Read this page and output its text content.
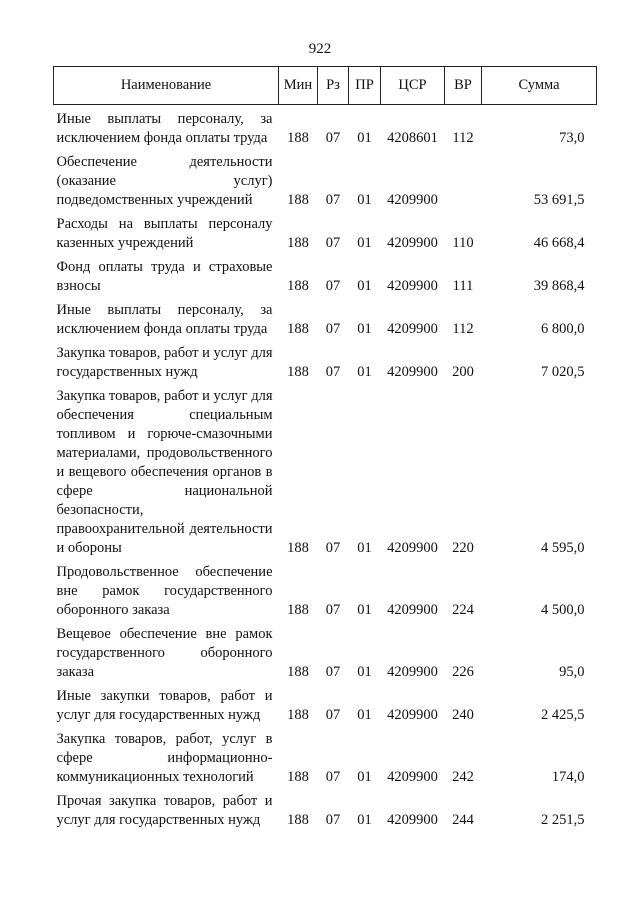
922
Наименование	Мин	Рз	ПР	ЦСР	ВР	Сумма
Иные выплаты персоналу, за исключением фонда оплаты труда	188	07	01	4208601	112	73,0
Обеспечение деятельности (оказание услуг) подведомственных учреждений	188	07	01	4209900		53 691,5
Расходы на выплаты персоналу казенных учреждений	188	07	01	4209900	110	46 668,4
Фонд оплаты труда и страховые взносы	188	07	01	4209900	111	39 868,4
Иные выплаты персоналу, за исключением фонда оплаты труда	188	07	01	4209900	112	6 800,0
Закупка товаров, работ и услуг для государственных нужд	188	07	01	4209900	200	7 020,5
Закупка товаров, работ и услуг для обеспечения специальным топливом и горюче-смазочными материалами, продовольственного и вещевого обеспечения органов в сфере национальной безопасности, правоохранительной деятельности и обороны	188	07	01	4209900	220	4 595,0
Продовольственное обеспечение вне рамок государственного оборонного заказа	188	07	01	4209900	224	4 500,0
Вещевое обеспечение вне рамок государственного оборонного заказа	188	07	01	4209900	226	95,0
Иные закупки товаров, работ и услуг для государственных нужд	188	07	01	4209900	240	2 425,5
Закупка товаров, работ, услуг в сфере информационно-коммуникационных технологий	188	07	01	4209900	242	174,0
Прочая закупка товаров, работ и услуг для государственных нужд	188	07	01	4209900	244	2 251,5
